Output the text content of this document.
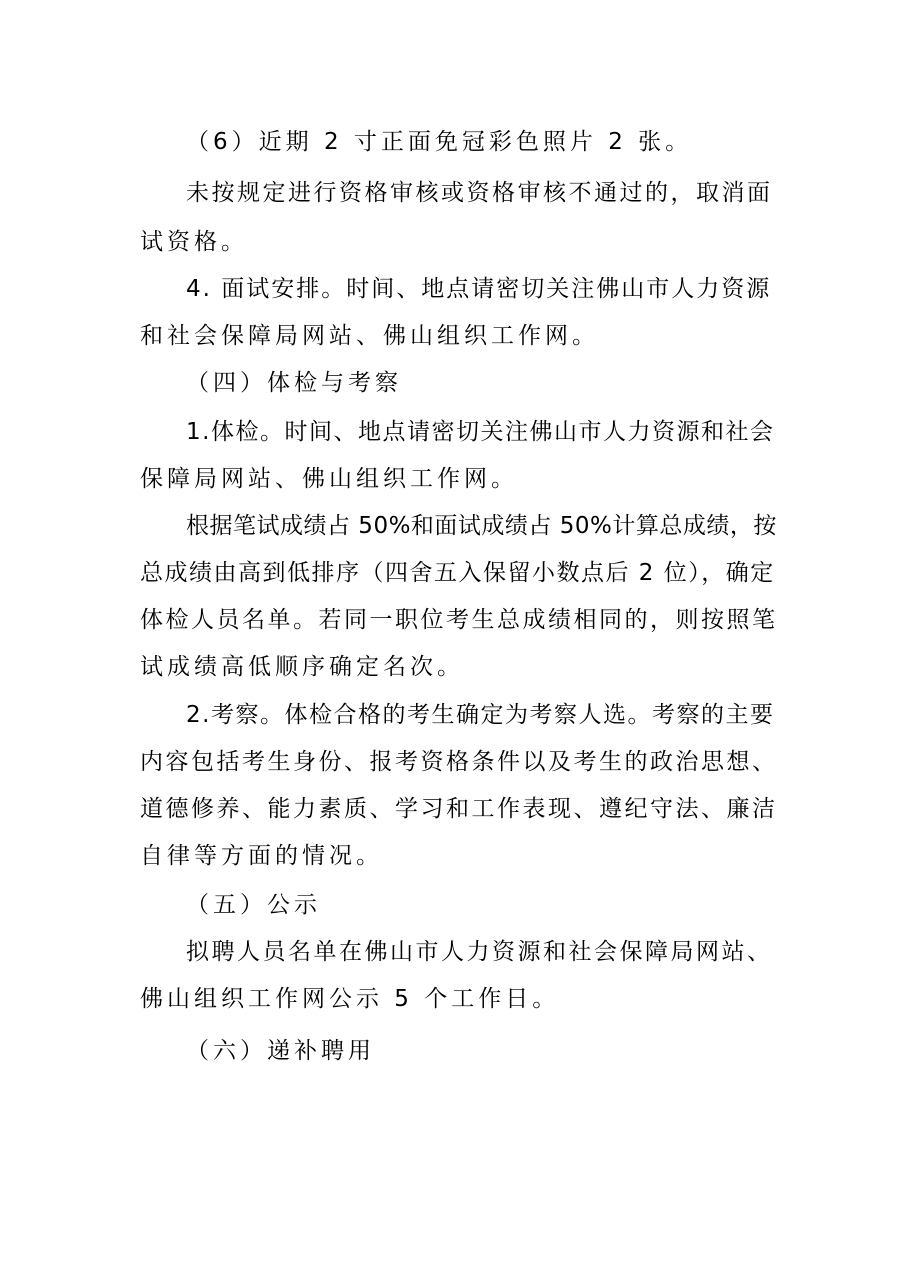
（6）近期 2 寸正面免冠彩色照片 2 张。
未按规定进行资格审核或资格审核不通过的，取消面
试资格。
4. 面试安排。时间、地点请密切关注佛山市人力资源
和社会保障局网站、佛山组织工作网。
（四）体检与考察
1.体检。时间、地点请密切关注佛山市人力资源和社会
保障局网站、佛山组织工作网。
根据笔试成绩占 50%和面试成绩占 50%计算总成绩，按
总成绩由高到低排序（四舍五入保留小数点后 2 位），确定
体检人员名单。若同一职位考生总成绩相同的，则按照笔
试成绩高低顺序确定名次。
2.考察。体检合格的考生确定为考察人选。考察的主要
内容包括考生身份、报考资格条件以及考生的政治思想、
道德修养、能力素质、学习和工作表现、遵纪守法、廉洁
自律等方面的情况。
（五）公示
拟聘人员名单在佛山市人力资源和社会保障局网站、
佛山组织工作网公示 5 个工作日。
（六）递补聘用
